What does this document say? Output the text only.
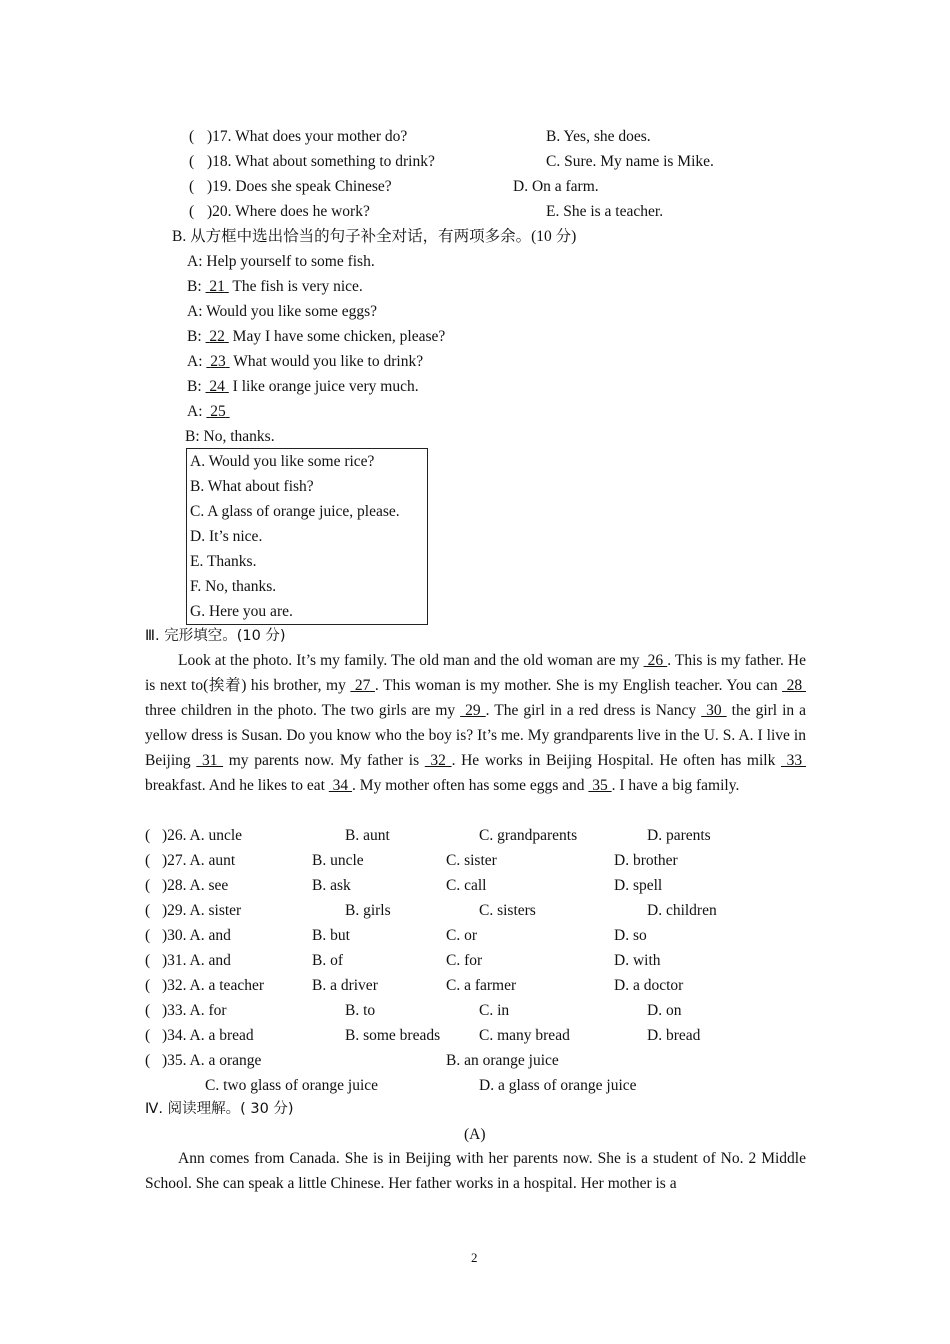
( )17. What does your mother do?	B. Yes, she does.
( )18. What about something to drink?	C. Sure. My name is Mike.
( )19. Does she speak Chinese?	D. On a farm.
( )20. Where does he work?	E. She is a teacher.
B. 从方框中选出恰当的句子补全对话，有两项多余。(10 分)
A: Help yourself to some fish.
B: 21 The fish is very nice.
A: Would you like some eggs?
B: 22 May I have some chicken, please?
A: 23 What would you like to drink?
B: 24 I like orange juice very much.
A: 25
B: No, thanks.
A. Would you like some rice?
B. What about fish?
C. A glass of orange juice, please.
D. It’s nice.
E. Thanks.
F. No, thanks.
G. Here you are.
Ⅲ. 完形填空。(10 分)

Look at the photo. It’s my family. The old man and the old woman are my  26 . This is my father. He is next to(挨着) his brother, my  27 . This woman is my mother. She is my English teacher. You can  28  three children in the photo. The two girls are my  29 . The girl in a red dress is Nancy  30  the girl in a yellow dress is Susan. Do you know who the boy is? It’s me. My grandparents live in the U. S. A. I live in Beijing  31  my parents now. My father is  32 . He works in Beijing Hospital. He often has milk  33  breakfast. And he likes to eat  34 . My mother often has some eggs and  35 . I have a big family.

( )26. A. uncle	B. aunt	C. grandparents	D. parents
( )27. A. aunt	B. uncle	C. sister	D. brother
( )28. A. see	B. ask	C. call	D. spell
( )29. A. sister	B. girls	C. sisters	D. children
( )30. A. and	B. but	C. or	D. so
( )31. A. and	B. of	C. for	D. with
( )32. A. a teacher	B. a driver	C. a farmer	D. a doctor
( )33. A. for	B. to	C. in	D. on
( )34. A. a bread	B. some breads	C. many bread	D. bread
( )35. A. a orange	B. an orange juice
C. two glass of orange juice	D. a glass of orange juice
Ⅳ. 阅读理解。( 30 分)
(A)

Ann comes from Canada. She is in Beijing with her parents now. She is a student of No. 2 Middle School. She can speak a little Chinese. Her father works in a hospital. Her mother is a

2
